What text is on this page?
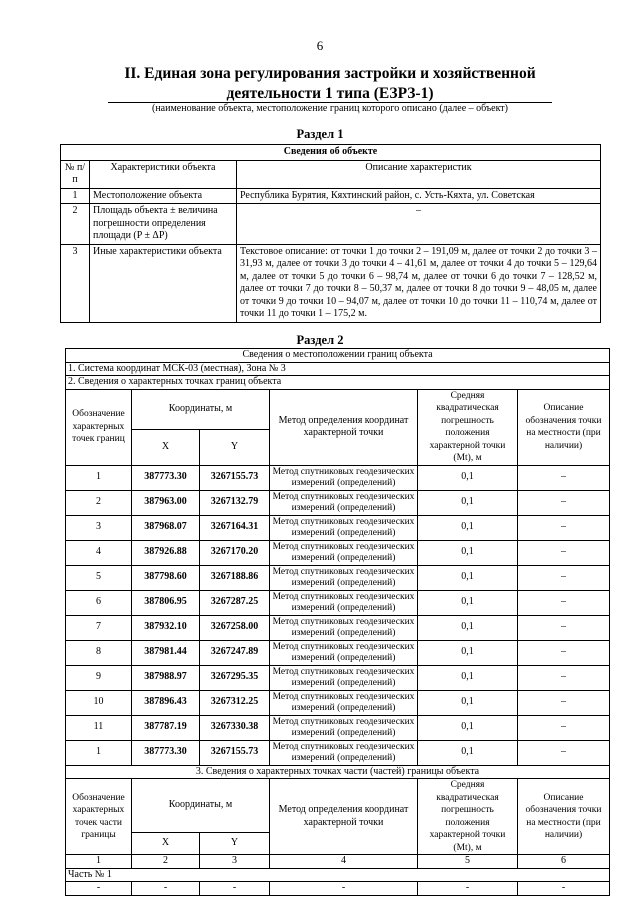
6
II. Единая зона регулирования застройки и хозяйственной
деятельности 1 типа (ЕЗРЗ-1)
(наименование объекта, местоположение границ которого описано (далее – объект)
Раздел 1
Сведения об объекте		
№ п/п	Характеристики объекта	Описание характеристик
1	Местоположение объекта	Республика Бурятия, Кяхтинский район, с. Усть-Кяхта, ул. Советская
2	Площадь объекта ± величина погрешности определения площади (P ± ΔP)	–
3	Иные характеристики объекта	Текстовое описание: от точки 1 до точки 2 – 191,09 м, далее от точки 2 до точки 3 – 31,93 м, далее от точки 3 до точки 4 – 41,61 м, далее от точки 4 до точки 5 – 129,64 м, далее от точки 5 до точки 6 – 98,74 м, далее от точки 6 до точки 7 – 128,52 м, далее от точки 7 до точки 8 – 50,37 м, далее от точки 8 до точки 9 – 48,05 м, далее от точки 9 до точки 10 – 94,07 м, далее от точки 10 до точки 11 – 110,74 м, далее от точки 11 до точки 1 – 175,2 м.
Раздел 2
Сведения о местоположении границ объекта					
1. Система координат МСК-03 (местная), Зона № 3					
2. Сведения о характерных точках границ объекта					
Обозначение характерных точек границ	Координаты, м		Метод определения координат характерной точки	Средняя квадратическая погрешность положения характерной точки (Mt), м	Описание обозначения точки на местности (при наличии)
	X	Y			
1	387773.30	3267155.73	Метод спутниковых геодезических измерений (определений)	0,1	–
2	387963.00	3267132.79	Метод спутниковых геодезических измерений (определений)	0,1	–
3	387968.07	3267164.31	Метод спутниковых геодезических измерений (определений)	0,1	–
4	387926.88	3267170.20	Метод спутниковых геодезических измерений (определений)	0,1	–
5	387798.60	3267188.86	Метод спутниковых геодезических измерений (определений)	0,1	–
6	387806.95	3267287.25	Метод спутниковых геодезических измерений (определений)	0,1	–
7	387932.10	3267258.00	Метод спутниковых геодезических измерений (определений)	0,1	–
8	387981.44	3267247.89	Метод спутниковых геодезических измерений (определений)	0,1	–
9	387988.97	3267295.35	Метод спутниковых геодезических измерений (определений)	0,1	–
10	387896.43	3267312.25	Метод спутниковых геодезических измерений (определений)	0,1	–
11	387787.19	3267330.38	Метод спутниковых геодезических измерений (определений)	0,1	–
1	387773.30	3267155.73	Метод спутниковых геодезических измерений (определений)	0,1	–
3. Сведения о характерных точках части (частей) границы объекта					
Обозначение характерных точек части границы	Координаты, м		Метод определения координат характерной точки	Средняя квадратическая погрешность положения характерной точки (Mt), м	Описание обозначения точки на местности (при наличии)
	X	Y			
1	2	3	4	5	6
Часть № 1					
-	-	-	-	-	-
